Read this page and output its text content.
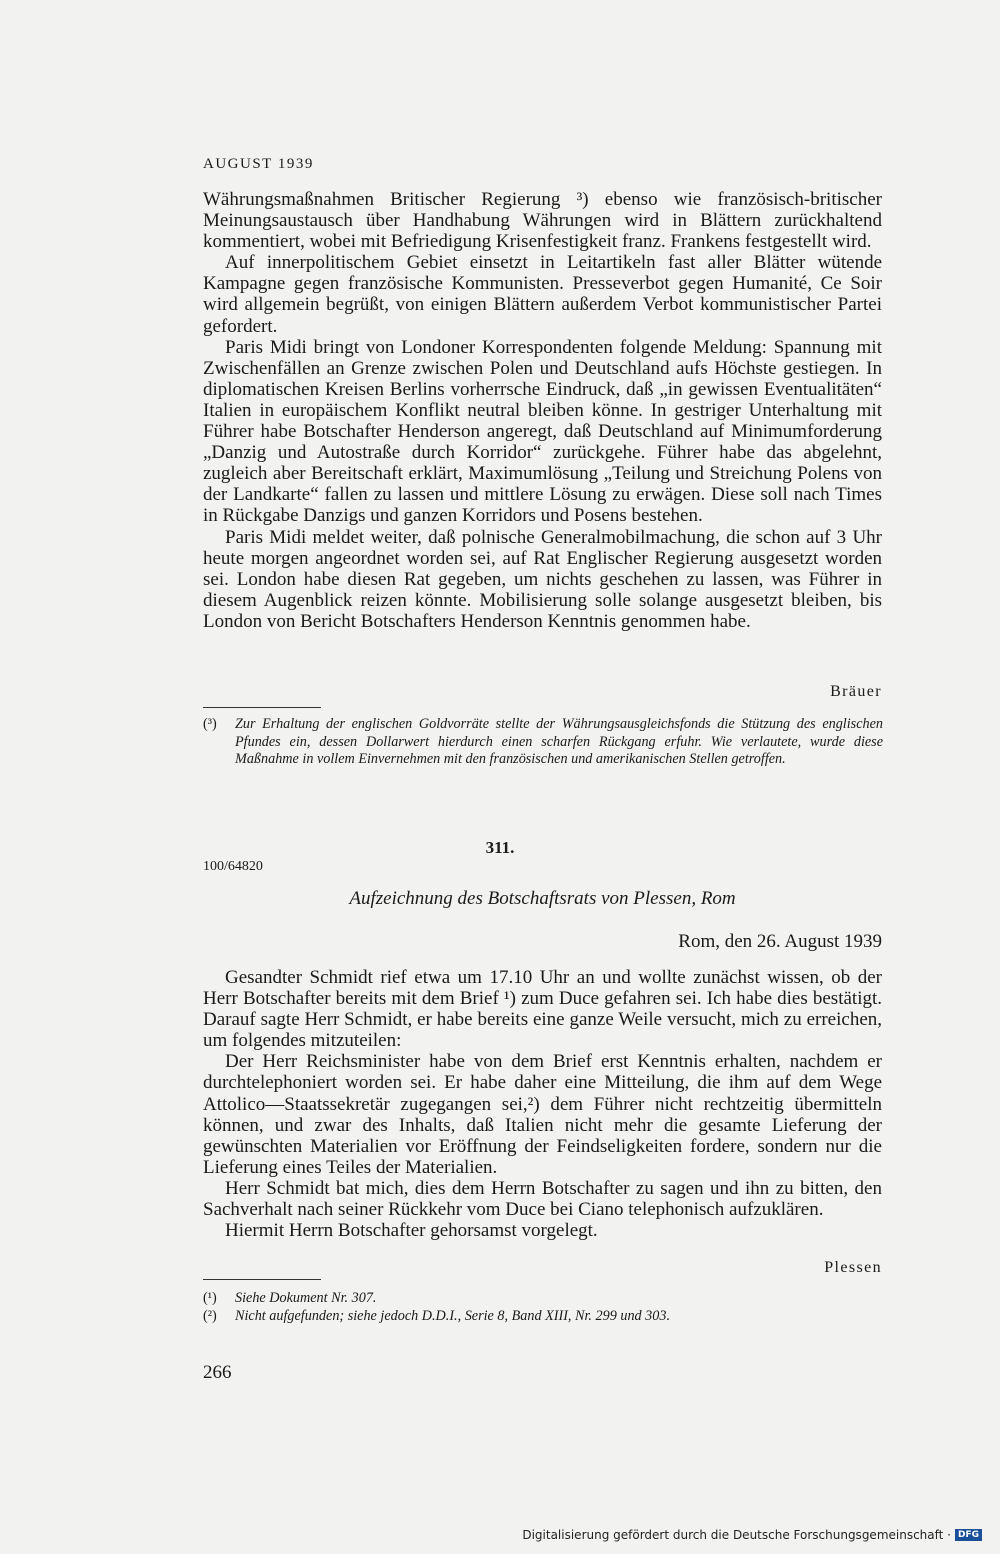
AUGUST 1939

Währungsmaßnahmen Britischer Regierung ³) ebenso wie französisch-britischer Meinungsaustausch über Handhabung Währungen wird in Blättern zurückhaltend kommentiert, wobei mit Befriedigung Krisenfestigkeit franz. Frankens festgestellt wird.

Auf innerpolitischem Gebiet einsetzt in Leitartikeln fast aller Blätter wütende Kampagne gegen französische Kommunisten. Presseverbot gegen Humanité, Ce Soir wird allgemein begrüßt, von einigen Blättern außerdem Verbot kommunistischer Partei gefordert.

Paris Midi bringt von Londoner Korrespondenten folgende Meldung: Spannung mit Zwischenfällen an Grenze zwischen Polen und Deutschland aufs Höchste gestiegen. In diplomatischen Kreisen Berlins vorherrsche Eindruck, daß „in gewissen Eventualitäten“ Italien in europäischem Konflikt neutral bleiben könne. In gestriger Unterhaltung mit Führer habe Botschafter Henderson angeregt, daß Deutschland auf Minimumforderung „Danzig und Autostraße durch Korridor“ zurückgehe. Führer habe das abgelehnt, zugleich aber Bereitschaft erklärt, Maximumlösung „Teilung und Streichung Polens von der Landkarte“ fallen zu lassen und mittlere Lösung zu erwägen. Diese soll nach Times in Rückgabe Danzigs und ganzen Korridors und Posens bestehen.

Paris Midi meldet weiter, daß polnische Generalmobilmachung, die schon auf 3 Uhr heute morgen angeordnet worden sei, auf Rat Englischer Regierung ausgesetzt worden sei. London habe diesen Rat gegeben, um nichts geschehen zu lassen, was Führer in diesem Augenblick reizen könnte. Mobilisierung solle solange ausgesetzt bleiben, bis London von Bericht Botschafters Henderson Kenntnis genommen habe.

Bräuer
(³)	Zur Erhaltung der englischen Goldvorräte stellte der Währungsausgleichsfonds die Stützung des englischen Pfundes ein, dessen Dollarwert hierdurch einen scharfen Rückgang erfuhr. Wie verlautete, wurde diese Maßnahme in vollem Einvernehmen mit den französischen und amerikanischen Stellen getroffen.
311.
100/64820
Aufzeichnung des Botschaftsrats von Plessen, Rom
Rom, den 26. August 1939

Gesandter Schmidt rief etwa um 17.10 Uhr an und wollte zunächst wissen, ob der Herr Botschafter bereits mit dem Brief ¹) zum Duce gefahren sei. Ich habe dies bestätigt. Darauf sagte Herr Schmidt, er habe bereits eine ganze Weile versucht, mich zu erreichen, um folgendes mitzuteilen:

Der Herr Reichsminister habe von dem Brief erst Kenntnis erhalten, nachdem er durchtelephoniert worden sei. Er habe daher eine Mitteilung, die ihm auf dem Wege Attolico—Staatssekretär zugegangen sei,²) dem Führer nicht rechtzeitig übermitteln können, und zwar des Inhalts, daß Italien nicht mehr die gesamte Lieferung der gewünschten Materialien vor Eröffnung der Feindseligkeiten fordere, sondern nur die Lieferung eines Teiles der Materialien.

Herr Schmidt bat mich, dies dem Herrn Botschafter zu sagen und ihn zu bitten, den Sachverhalt nach seiner Rückkehr vom Duce bei Ciano telephonisch aufzuklären.

Hiermit Herrn Botschafter gehorsamst vorgelegt.

Plessen
(¹)	Siehe Dokument Nr. 307.
(²)	Nicht aufgefunden; siehe jedoch D.D.I., Serie 8, Band XIII, Nr. 299 und 303.
266
Digitalisierung gefördert durch die Deutsche Forschungsgemeinschaft · DFG
